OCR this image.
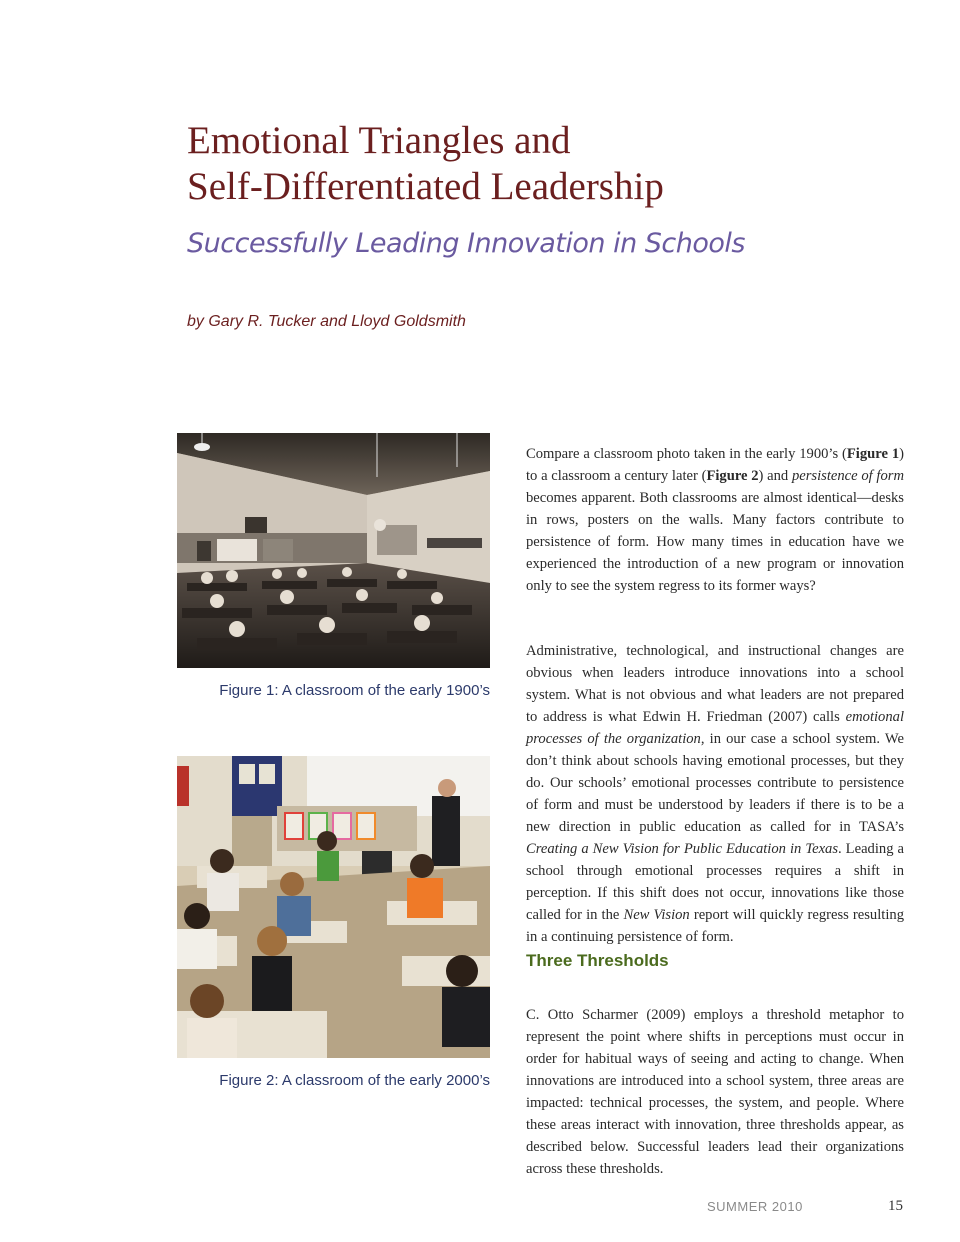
Emotional Triangles and
Self-Differentiated Leadership
Successfully Leading Innovation in Schools
by Gary R. Tucker and Lloyd Goldsmith
Figure 1: A classroom of the early 1900’s
Figure 2: A classroom of the early 2000’s

Compare a classroom photo taken in the early 1900’s (Figure 1) to a classroom a century later (Figure 2) and persistence of form becomes apparent. Both classrooms are almost identical—desks in rows, posters on the walls. Many factors contribute to persistence of form. How many times in education have we experienced the introduction of a new program or innovation only to see the system regress to its former ways?

Administrative, technological, and instructional changes are obvious when leaders introduce innovations into a school system. What is not obvious and what leaders are not prepared to address is what Edwin H. Friedman (2007) calls emotional processes of the organization, in our case a school system. We don’t think about schools having emotional processes, but they do. Our schools’ emotional processes contribute to persistence of form and must be understood by leaders if there is to be a new direction in public education as called for in TASA’s Creating a New Vision for Public Education in Texas. Leading a school through emotional processes requires a shift in perception. If this shift does not occur, innovations like those called for in the New Vision report will quickly regress resulting in a continuing persistence of form.

Three Thresholds

C. Otto Scharmer (2009) employs a threshold metaphor to represent the point where shifts in perceptions must occur in order for habitual ways of seeing and acting to change. When innovations are introduced into a school system, three areas are impacted: technical processes, the system, and people. Where these areas interact with innovation, three thresholds appear, as described below. Successful leaders lead their organizations across these thresholds.

SUMMER 2010	15
